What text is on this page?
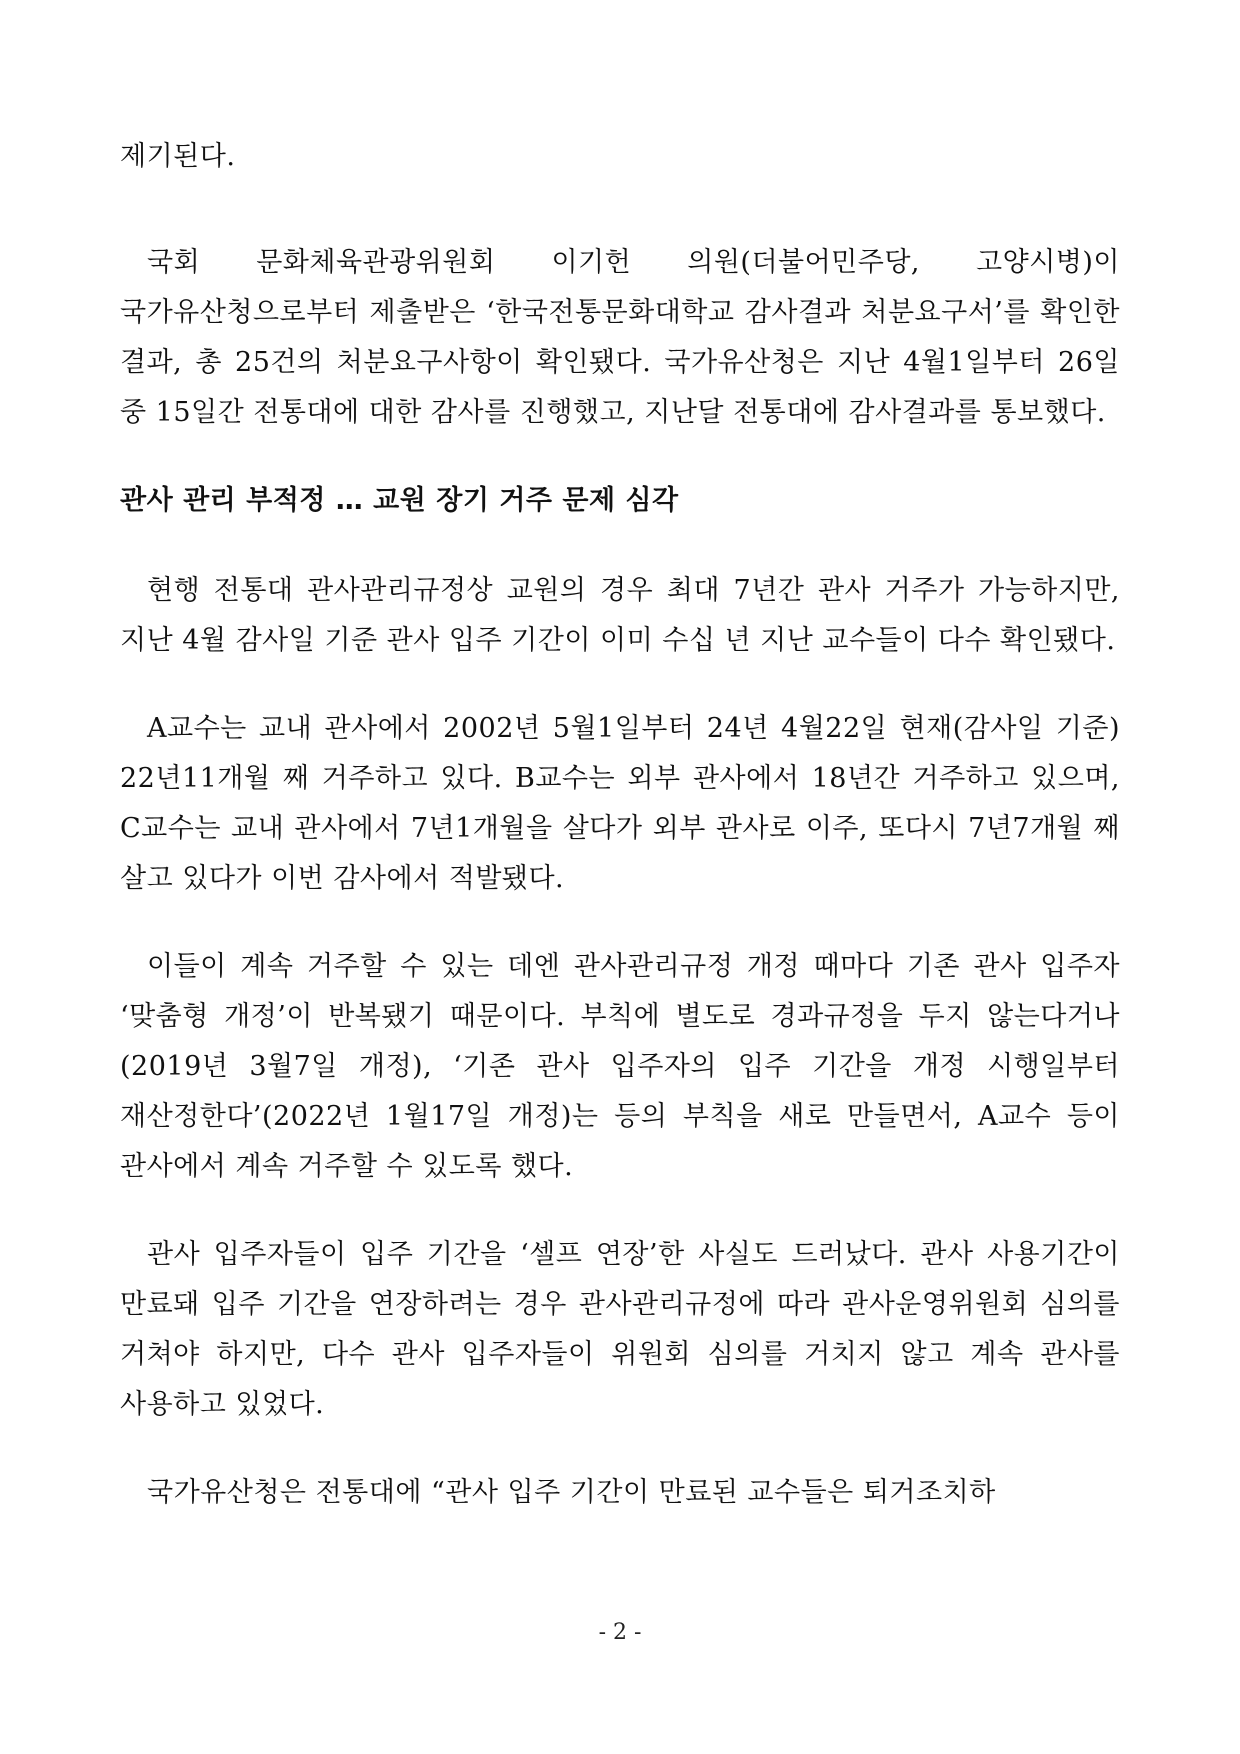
제기된다.

국회 문화체육관광위원회 이기헌 의원(더불어민주당, 고양시병)이 국가유산청으로부터 제출받은 ‘한국전통문화대학교 감사결과 처분요구서’를 확인한 결과, 총 25건의 처분요구사항이 확인됐다. 국가유산청은 지난 4월1일부터 26일 중 15일간 전통대에 대한 감사를 진행했고, 지난달 전통대에 감사결과를 통보했다.

관사 관리 부적정 … 교원 장기 거주 문제 심각

현행 전통대 관사관리규정상 교원의 경우 최대 7년간 관사 거주가 가능하지만, 지난 4월 감사일 기준 관사 입주 기간이 이미 수십 년 지난 교수들이 다수 확인됐다.

A교수는 교내 관사에서 2002년 5월1일부터 24년 4월22일 현재(감사일 기준) 22년11개월 째 거주하고 있다. B교수는 외부 관사에서 18년간 거주하고 있으며, C교수는 교내 관사에서 7년1개월을 살다가 외부 관사로 이주, 또다시 7년7개월 째 살고 있다가 이번 감사에서 적발됐다.

이들이 계속 거주할 수 있는 데엔 관사관리규정 개정 때마다 기존 관사 입주자 ‘맞춤형 개정’이 반복됐기 때문이다. 부칙에 별도로 경과규정을 두지 않는다거나(2019년 3월7일 개정), ‘기존 관사 입주자의 입주 기간을 개정 시행일부터 재산정한다’(2022년 1월17일 개정)는 등의 부칙을 새로 만들면서, A교수 등이 관사에서 계속 거주할 수 있도록 했다.

관사 입주자들이 입주 기간을 ‘셀프 연장’한 사실도 드러났다. 관사 사용기간이 만료돼 입주 기간을 연장하려는 경우 관사관리규정에 따라 관사운영위원회 심의를 거쳐야 하지만, 다수 관사 입주자들이 위원회 심의를 거치지 않고 계속 관사를 사용하고 있었다.

국가유산청은 전통대에 “관사 입주 기간이 만료된 교수들은 퇴거조치하

- 2 -
